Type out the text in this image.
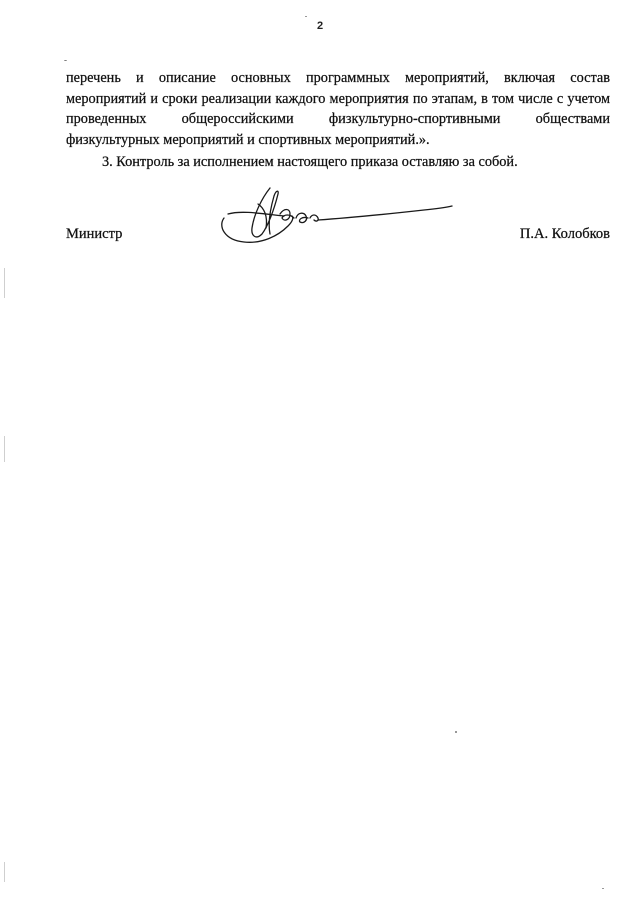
2

перечень и описание основных программных мероприятий, включая состав мероприятий и сроки реализации каждого мероприятия по этапам, в том числе с учетом проведенных общероссийскими физкультурно-спортивными обществами физкультурных мероприятий и спортивных мероприятий.».

3. Контроль за исполнением настоящего приказа оставляю за собой.

Министр	П.А. Колобков
